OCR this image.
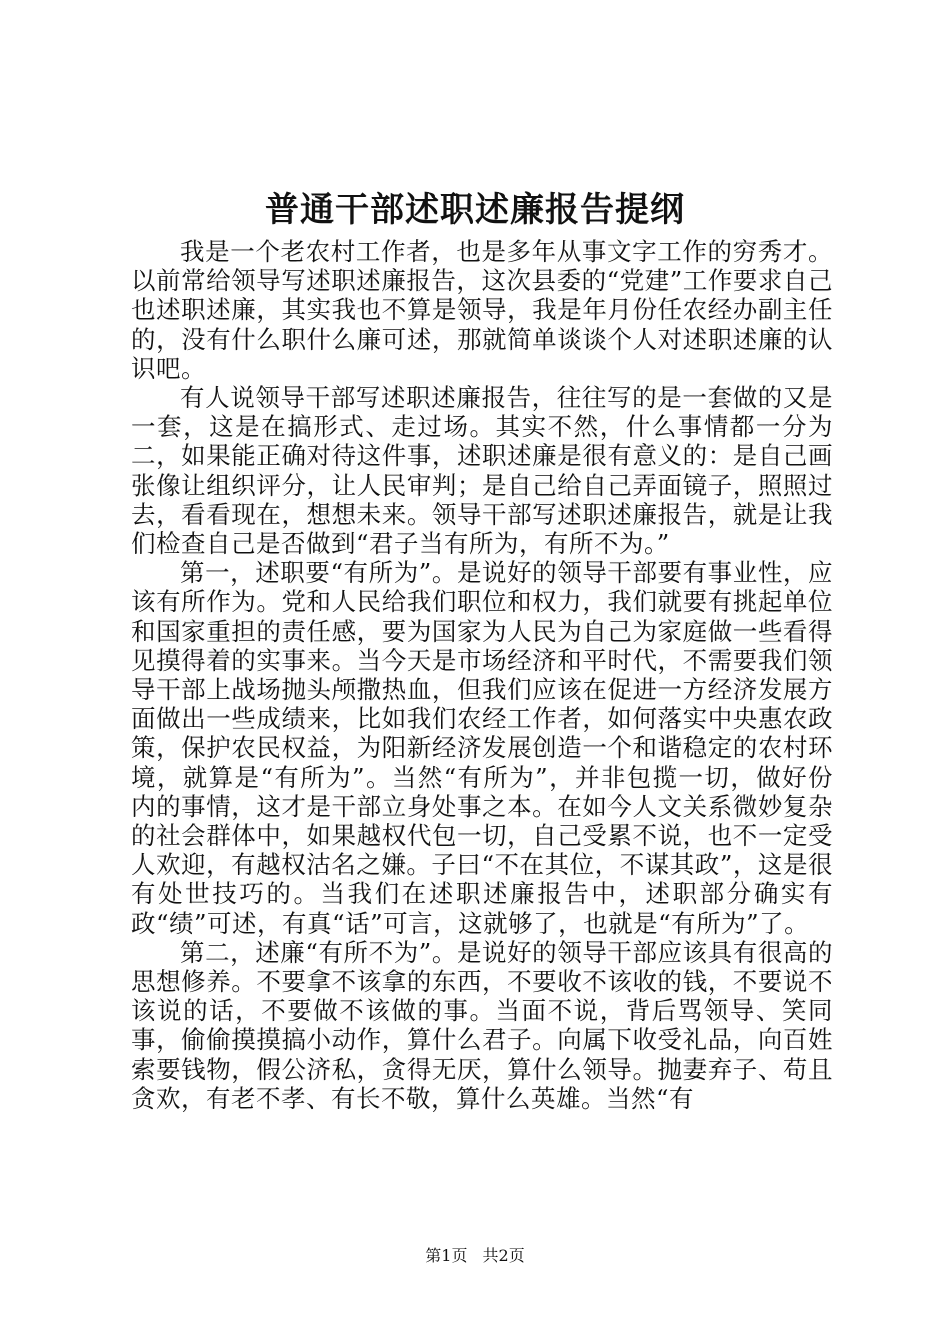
普通干部述职述廉报告提纲

我是一个老农村工作者，也是多年从事文字工作的穷秀才。以前常给领导写述职述廉报告，这次县委的“党建”工作要求自己也述职述廉，其实我也不算是领导，我是年月份任农经办副主任的，没有什么职什么廉可述，那就简单谈谈个人对述职述廉的认识吧。

有人说领导干部写述职述廉报告，往往写的是一套做的又是一套，这是在搞形式、走过场。其实不然，什么事情都一分为二，如果能正确对待这件事，述职述廉是很有意义的：是自己画张像让组织评分，让人民审判；是自己给自己弄面镜子，照照过去，看看现在，想想未来。领导干部写述职述廉报告，就是让我们检查自己是否做到“君子当有所为，有所不为。”

第一，述职要“有所为”。是说好的领导干部要有事业性，应该有所作为。党和人民给我们职位和权力，我们就要有挑起单位和国家重担的责任感，要为国家为人民为自己为家庭做一些看得见摸得着的实事来。当今天是市场经济和平时代，不需要我们领导干部上战场抛头颅撒热血，但我们应该在促进一方经济发展方面做出一些成绩来，比如我们农经工作者，如何落实中央惠农政策，保护农民权益，为阳新经济发展创造一个和谐稳定的农村环境，就算是“有所为”。当然“有所为”，并非包揽一切，做好份内的事情，这才是干部立身处事之本。在如今人文关系微妙复杂的社会群体中，如果越权代包一切，自己受累不说，也不一定受人欢迎，有越权沽名之嫌。子曰“不在其位，不谋其政”，这是很有处世技巧的。当我们在述职述廉报告中，述职部分确实有政“绩”可述，有真“话”可言，这就够了，也就是“有所为”了。

第二，述廉“有所不为”。是说好的领导干部应该具有很高的思想修养。不要拿不该拿的东西，不要收不该收的钱，不要说不该说的话，不要做不该做的事。当面不说，背后骂领导、笑同事，偷偷摸摸搞小动作，算什么君子。向属下收受礼品，向百姓索要钱物，假公济私，贪得无厌，算什么领导。抛妻弃子、苟且贪欢，有老不孝、有长不敬，算什么英雄。当然“有

第1页 共2页
